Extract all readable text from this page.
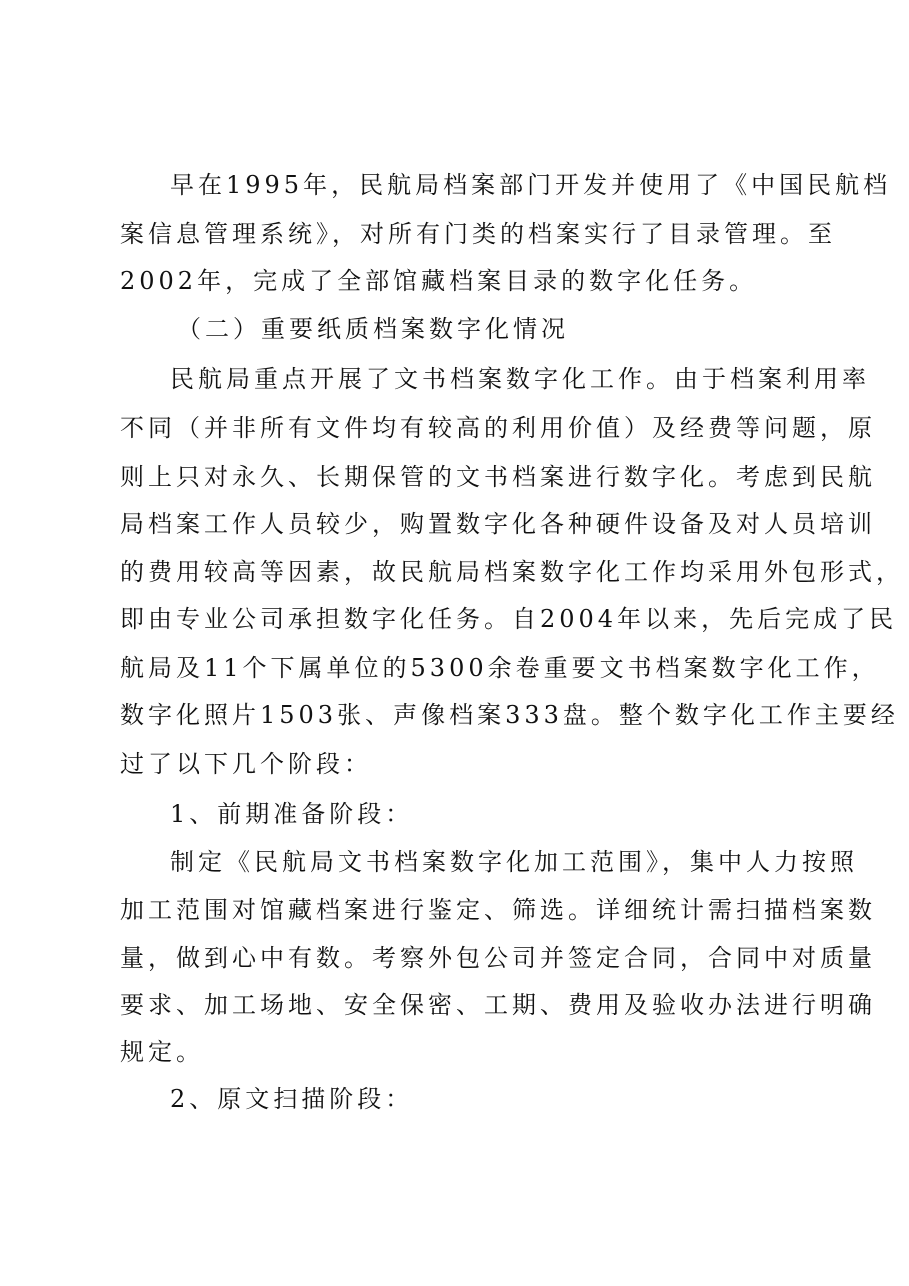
早在1995年，民航局档案部门开发并使用了《中国民航档
案信息管理系统》，对所有门类的档案实行了目录管理。至
2002年，完成了全部馆藏档案目录的数字化任务。
（二）重要纸质档案数字化情况
民航局重点开展了文书档案数字化工作。由于档案利用率
不同（并非所有文件均有较高的利用价值）及经费等问题，原
则上只对永久、长期保管的文书档案进行数字化。考虑到民航
局档案工作人员较少，购置数字化各种硬件设备及对人员培训
的费用较高等因素，故民航局档案数字化工作均采用外包形式，
即由专业公司承担数字化任务。自2004年以来，先后完成了民
航局及11个下属单位的5300余卷重要文书档案数字化工作，
数字化照片1503张、声像档案333盘。整个数字化工作主要经
过了以下几个阶段：
1、前期准备阶段：
制定《民航局文书档案数字化加工范围》，集中人力按照
加工范围对馆藏档案进行鉴定、筛选。详细统计需扫描档案数
量，做到心中有数。考察外包公司并签定合同，合同中对质量
要求、加工场地、安全保密、工期、费用及验收办法进行明确
规定。
2、原文扫描阶段：
